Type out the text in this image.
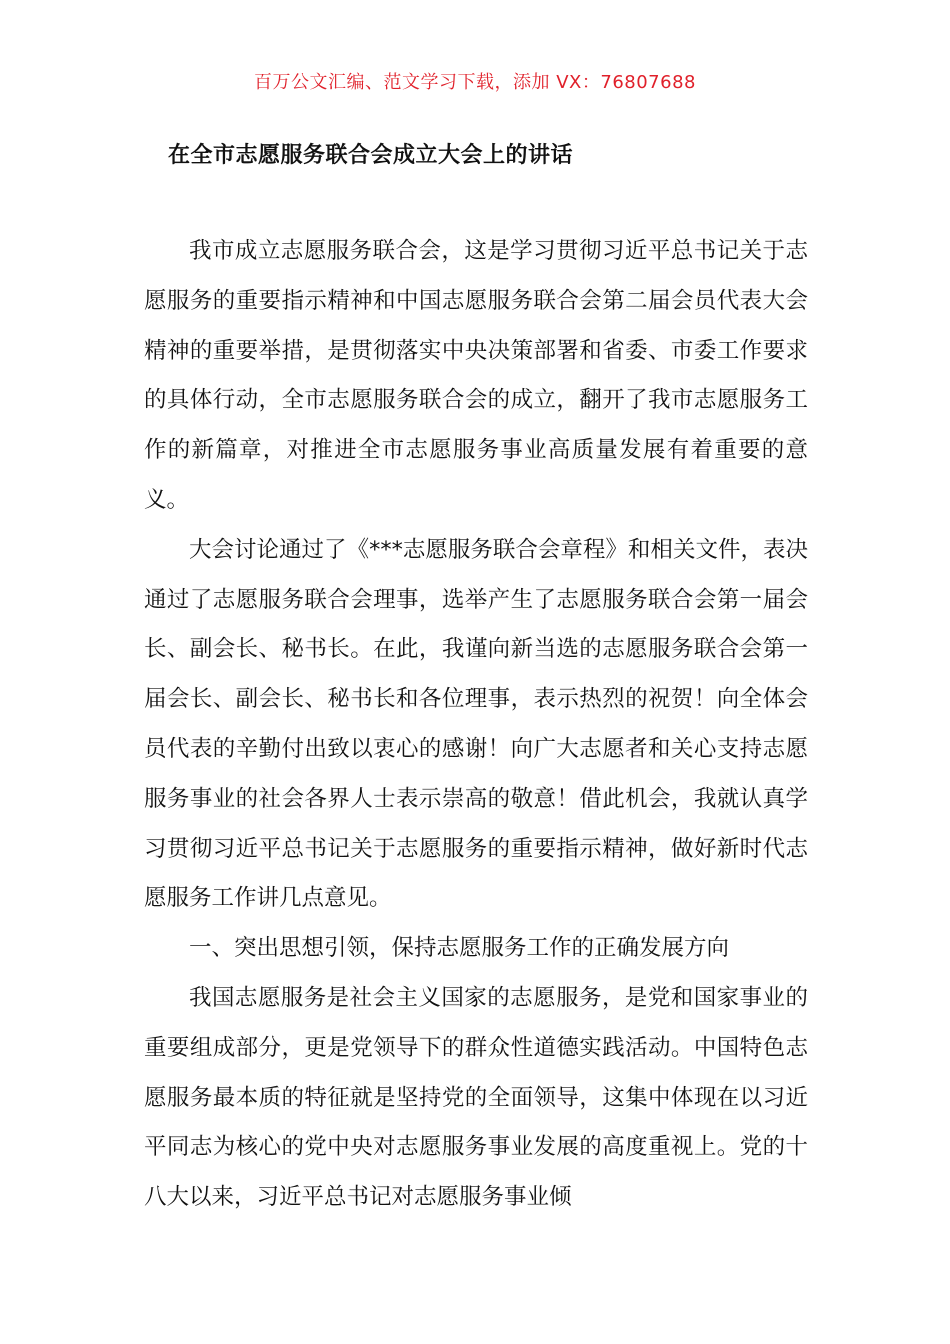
百万公文汇编、范文学习下载，添加 VX：76807688
在全市志愿服务联合会成立大会上的讲话

我市成立志愿服务联合会，这是学习贯彻习近平总书记关于志愿服务的重要指示精神和中国志愿服务联合会第二届会员代表大会精神的重要举措，是贯彻落实中央决策部署和省委、市委工作要求的具体行动，全市志愿服务联合会的成立，翻开了我市志愿服务工作的新篇章，对推进全市志愿服务事业高质量发展有着重要的意义。

大会讨论通过了《***志愿服务联合会章程》和相关文件，表决通过了志愿服务联合会理事，选举产生了志愿服务联合会第一届会长、副会长、秘书长。在此，我谨向新当选的志愿服务联合会第一届会长、副会长、秘书长和各位理事，表示热烈的祝贺！向全体会员代表的辛勤付出致以衷心的感谢！向广大志愿者和关心支持志愿服务事业的社会各界人士表示崇高的敬意！借此机会，我就认真学习贯彻习近平总书记关于志愿服务的重要指示精神，做好新时代志愿服务工作讲几点意见。

一、突出思想引领，保持志愿服务工作的正确发展方向

我国志愿服务是社会主义国家的志愿服务，是党和国家事业的重要组成部分，更是党领导下的群众性道德实践活动。中国特色志愿服务最本质的特征就是坚持党的全面领导，这集中体现在以习近平同志为核心的党中央对志愿服务事业发展的高度重视上。党的十八大以来，习近平总书记对志愿服务事业倾
